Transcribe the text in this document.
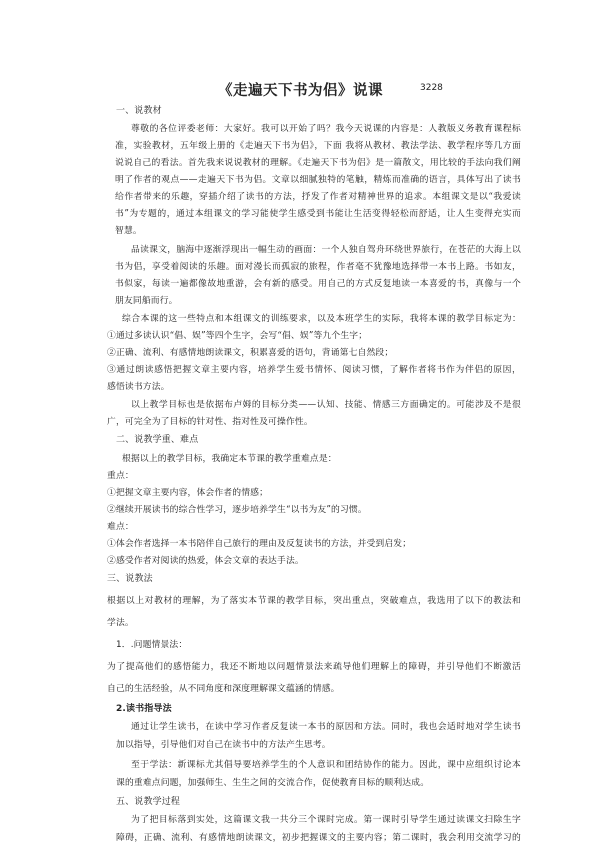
《走遍天下书为侣》说课	3228
一、说教材
尊敬的各位评委老师：大家好。我可以开始了吗？我今天说课的内容是：人教版义务教育课程标
准，实验教材，五年级上册的《走遍天下书为侣》，下面 我将从教材、教法学法、教学程序等几方面
说说自己的看法。首先我来说说教材的理解。《走遍天下书为侣》是一篇散文，用比较的手法向我们阐
明了作者的观点——走遍天下书为侣。文章以细腻独特的笔触，精炼而准确的语言，具体写出了读书
给作者带来的乐趣，穿插介绍了读书的方法，抒发了作者对精神世界的追求。本组课文是以“我爱读
书”为专题的，通过本组课文的学习能使学生感受到书能让生活变得轻松而舒适，让人生变得充实而
智慧。
品读课文，脑海中逐渐浮现出一幅生动的画面：一个人独自驾舟环绕世界旅行，在苍茫的大海上以
书为侣，享受着阅读的乐趣。面对漫长而孤寂的旅程，作者毫不犹豫地选择带一本书上路。书如友，
书似家，每读一遍都像故地重游，会有新的感受。用自己的方式反复地读一本喜爱的书，真像与一个
朋友同船而行。
综合本课的这一些特点和本组课文的训练要求，以及本班学生的实际，我将本课的教学目标定为：
①通过多读认识“倡、娱”等四个生字，会写“倡、娱”等九个生字；
②正确、流利、有感情地朗读课文，积累喜爱的语句，背诵第七自然段；
③通过朗读感悟把握文章主要内容，培养学生爱书情怀、阅读习惯，了解作者将书作为伴侣的原因，
感悟读书方法。
以上教学目标也是依据布卢姆的目标分类——认知、技能、情感三方面确定的。可能涉及不是很
广，可完全为了目标的针对性、指对性及可操作性。
二、说教学重、难点
根据以上的教学目标，我确定本节课的教学重难点是：
重点：
①把握文章主要内容，体会作者的情感；
②继续开展读书的综合性学习，逐步培养学生“以书为友”的习惯。
难点：
①体会作者选择一本书陪伴自己旅行的理由及反复读书的方法，并受到启发；
②感受作者对阅读的热爱，体会文章的表达手法。
三、说教法
根据以上对教材的理解，为了落实本节课的教学目标，突出重点，突破难点，我选用了以下的教法和
学法。
1．.问题情景法：
为了提高他们的感悟能力，我还不断地以问题情景法来疏导他们理解上的障碍，并引导他们不断激活
自己的生活经验，从不同角度和深度理解课文蕴涵的情感。
2.读书指导法
通过让学生读书，在读中学习作者反复读一本书的原因和方法。同时，我也会适时地对学生读书
加以指导，引导他们对自己在读书中的方法产生思考。
至于学法：新课标尤其倡导要培养学生的个人意识和团结协作的能力。因此，课中应组织讨论本
课的重难点问题，加强师生、生生之间的交流合作，促使教育目标的顺利达成。
五、说教学过程
为了把目标落到实处，这篇课文我一共分三个课时完成。第一课时引导学生通过读课文扫除生字
障碍，正确、流利、有感情地朗读课文，初步把握课文的主要内容；第二课时，我会利用交流学习的
